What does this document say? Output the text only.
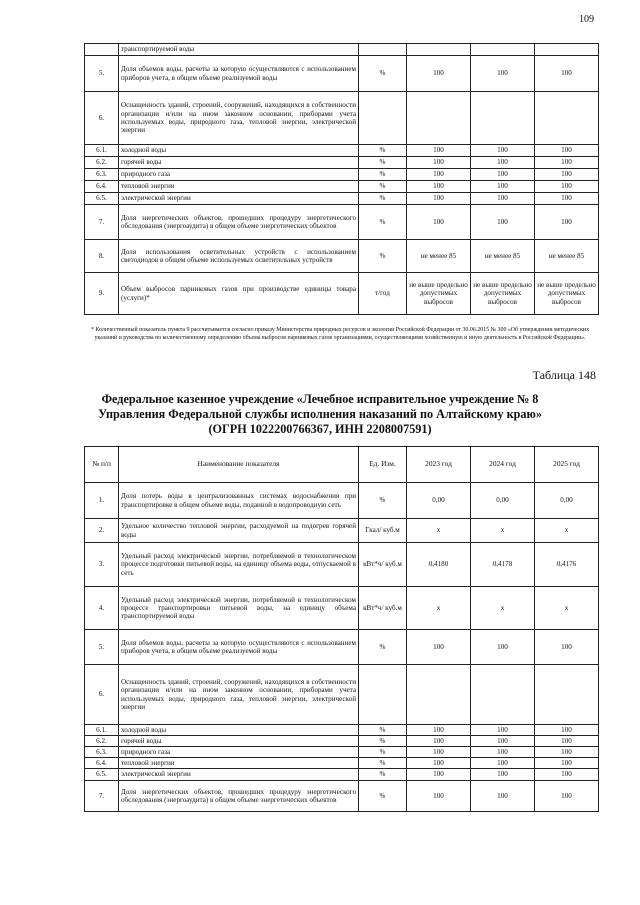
109
	транспортируемой воды				
5.	Доля объемов воды, расчеты за которую осуществляются с использованием приборов учета, в общем объеме реализуемой воды	%	100	100	100
6.	Оснащенность зданий, строений, сооружений, находящихся в собственности организации и/или на ином законном основании, приборами учета используемых воды, природного газа, тепловой энергии, электрической энергии				
6.1.	холодной воды	%	100	100	100
6.2.	горячей воды	%	100	100	100
6.3.	природного газа	%	100	100	100
6.4.	тепловой энергии	%	100	100	100
6.5.	электрической энергии	%	100	100	100
7.	Доля энергетических объектов, прошедших процедуру энергетического обследования (энергоаудита) в общем объеме энергетических объектов	%	100	100	100
8.	Доля использования осветительных устройств с использованием светодиодов в общем объеме используемых осветительных устройств	%	не менее 85	не менее 85	не менее 85
9.	Объем выбросов парниковых газов при производстве единицы товара (услуги)*	т/год	не выше предельно допустимых выбросов	не выше предельно допустимых выбросов	не выше предельно допустимых выбросов
* Количественный показатель пункта 9 рассчитывается согласно приказу Министерства природных ресурсов и экологии Российской Федерации от 30.06.2015 № 300 «Об утверждении методических указаний и руководства по количественному определению объема выбросов парниковых газов организациями, осуществляющими хозяйственную и иную деятельность в Российской Федерации».
Таблица 148
Федеральное казенное учреждение «Лечебное исправительное учреждение № 8
Управления Федеральной службы исполнения наказаний по Алтайскому краю»
(ОГРН 1022200766367, ИНН 2208007591)
№ п/п	Наименование показателя	Ед. Изм.	2023 год	2024 год	2025 год
1.	Доля потерь воды в централизованных системах водоснабжения при транспортировке в общем объеме воды, поданной в водопроводную сеть	%	0,00	0,00	0,00
2.	Удельное количество тепловой энергии, расходуемой на подогрев горячей воды	Гкал/ куб.м	х	х	х
3.	Удельный расход электрической энергии, потребляемой в технологическом процессе подготовки питьевой воды, на единицу объема воды, отпускаемой в сеть	кВт*ч/ куб.м	0,4180	0,4178	0,4176
4.	Удельный расход электрической энергии, потребляемой в технологическом процессе транспортировки питьевой воды, на единицу объема транспортируемой воды	кВт*ч/ куб.м	х	х	х
5.	Доля объемов воды, расчеты за которую осуществляются с использованием приборов учета, в общем объеме реализуемой воды	%	100	100	100
6.	Оснащенность зданий, строений, сооружений, находящихся в собственности организации и/или на ином законном основании, приборами учета используемых воды, природного газа, тепловой энергии, электрической энергии				
6.1.	холодной воды	%	100	100	100
6.2.	горячей воды	%	100	100	100
6.3.	природного газа	%	100	100	100
6.4.	тепловой энергии	%	100	100	100
6.5.	электрической энергии	%	100	100	100
7.	Доля энергетических объектов, прошедших процедуру энергетического обследования (энергоаудита) в общем объеме энергетических объектов	%	100	100	100
